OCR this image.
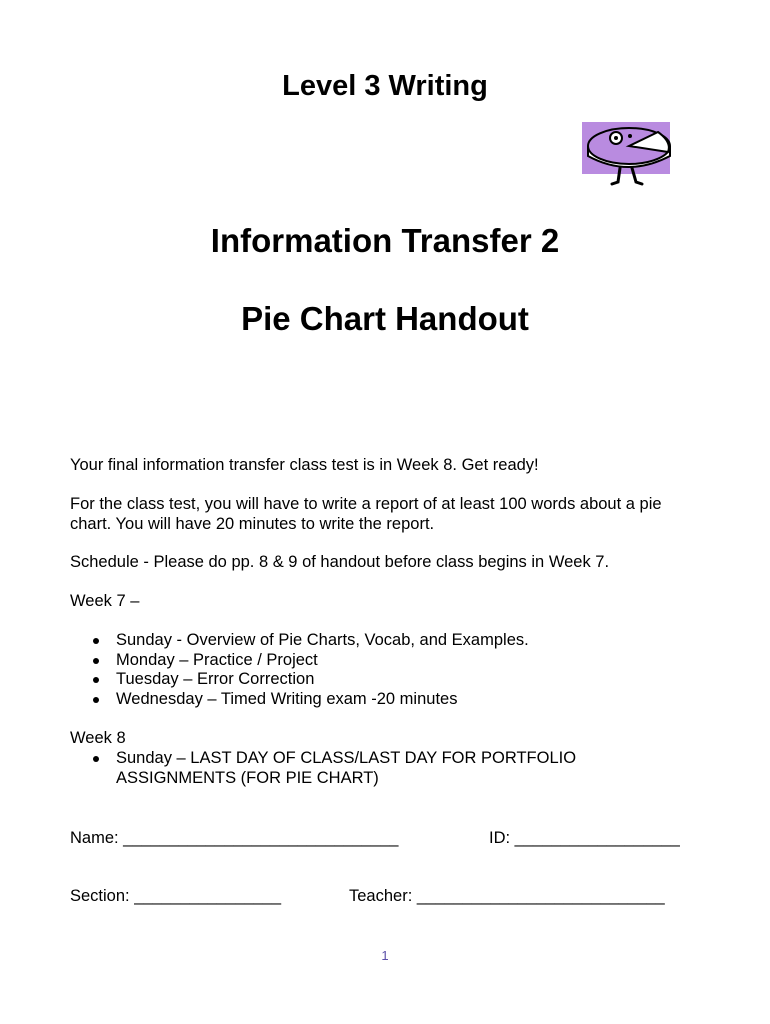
Level 3 Writing
Information Transfer 2
Pie Chart Handout
Your final information transfer class test is in Week 8. Get ready!
For the class test, you will have to write a report of at least 100 words about a pie chart. You will have 20 minutes to write the report.
Schedule - Please do pp. 8 & 9 of handout before class begins in Week 7.
Week 7 –
Sunday - Overview of Pie Charts, Vocab, and Examples.
Monday – Practice / Project
Tuesday – Error Correction
Wednesday – Timed Writing exam -20 minutes
Week 8
Sunday – LAST DAY OF CLASS/LAST DAY FOR PORTFOLIO ASSIGNMENTS (FOR PIE CHART)
Name: ______________________________	ID: __________________
Section: ________________	Teacher: ___________________________
1
